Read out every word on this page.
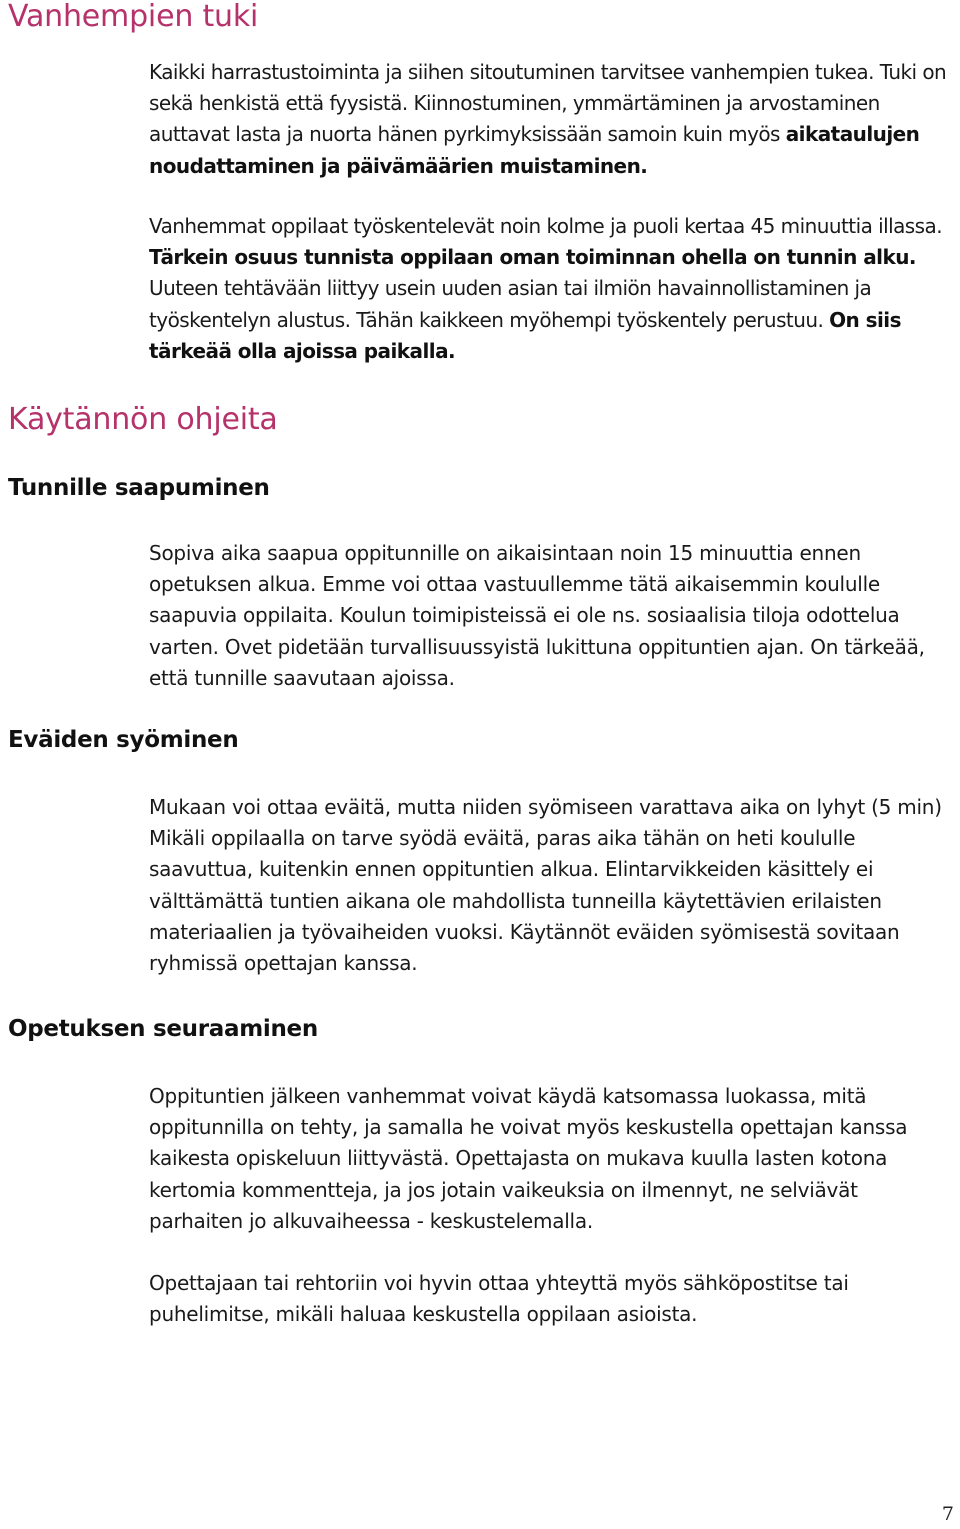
Vanhempien tuki

Kaikki harrastustoiminta ja siihen sitoutuminen tarvitsee vanhempien tukea. Tuki on sekä henkistä että fyysistä. Kiinnostuminen, ymmärtäminen ja arvostaminen auttavat lasta ja nuorta hänen pyrkimyksissään samoin kuin myös aikataulujen noudattaminen ja päivämäärien muistaminen.

Vanhemmat oppilaat työskentelevät noin kolme ja puoli kertaa 45 minuuttia illassa. Tärkein osuus tunnista oppilaan oman toiminnan ohella on tunnin alku. Uuteen tehtävään liittyy usein uuden asian tai ilmiön havainnollistaminen ja työskentelyn alustus. Tähän kaikkeen myöhempi työskentely perustuu. On siis tärkeää olla ajoissa paikalla.

Käytännön ohjeita
Tunnille saapuminen

Sopiva aika saapua oppitunnille on aikaisintaan noin 15 minuuttia ennen opetuksen alkua. Emme voi ottaa vastuullemme tätä aikaisemmin koululle saapuvia oppilaita. Koulun toimipisteissä ei ole ns. sosiaalisia tiloja odottelua varten. Ovet pidetään turvallisuussyistä lukittuna oppituntien ajan. On tärkeää, että tunnille saavutaan ajoissa.

Eväiden syöminen

Mukaan voi ottaa eväitä, mutta niiden syömiseen varattava aika on lyhyt (5 min) Mikäli oppilaalla on tarve syödä eväitä, paras aika tähän on heti koululle saavuttua, kuitenkin ennen oppituntien alkua. Elintarvikkeiden käsittely ei välttämättä tuntien aikana ole mahdollista tunneilla käytettävien erilaisten materiaalien ja työvaiheiden vuoksi. Käytännöt eväiden syömisestä sovitaan ryhmissä opettajan kanssa.

Opetuksen seuraaminen

Oppituntien jälkeen vanhemmat voivat käydä katsomassa luokassa, mitä oppitunnilla on tehty, ja samalla he voivat myös keskustella opettajan kanssa kaikesta opiskeluun liittyvästä. Opettajasta on mukava kuulla lasten kotona kertomia kommentteja, ja jos jotain vaikeuksia on ilmennyt, ne selviävät parhaiten jo alkuvaiheessa - keskustelemalla.

Opettajaan tai rehtoriin voi hyvin ottaa yhteyttä myös sähköpostitse tai puhelimitse, mikäli haluaa keskustella oppilaan asioista.

7
